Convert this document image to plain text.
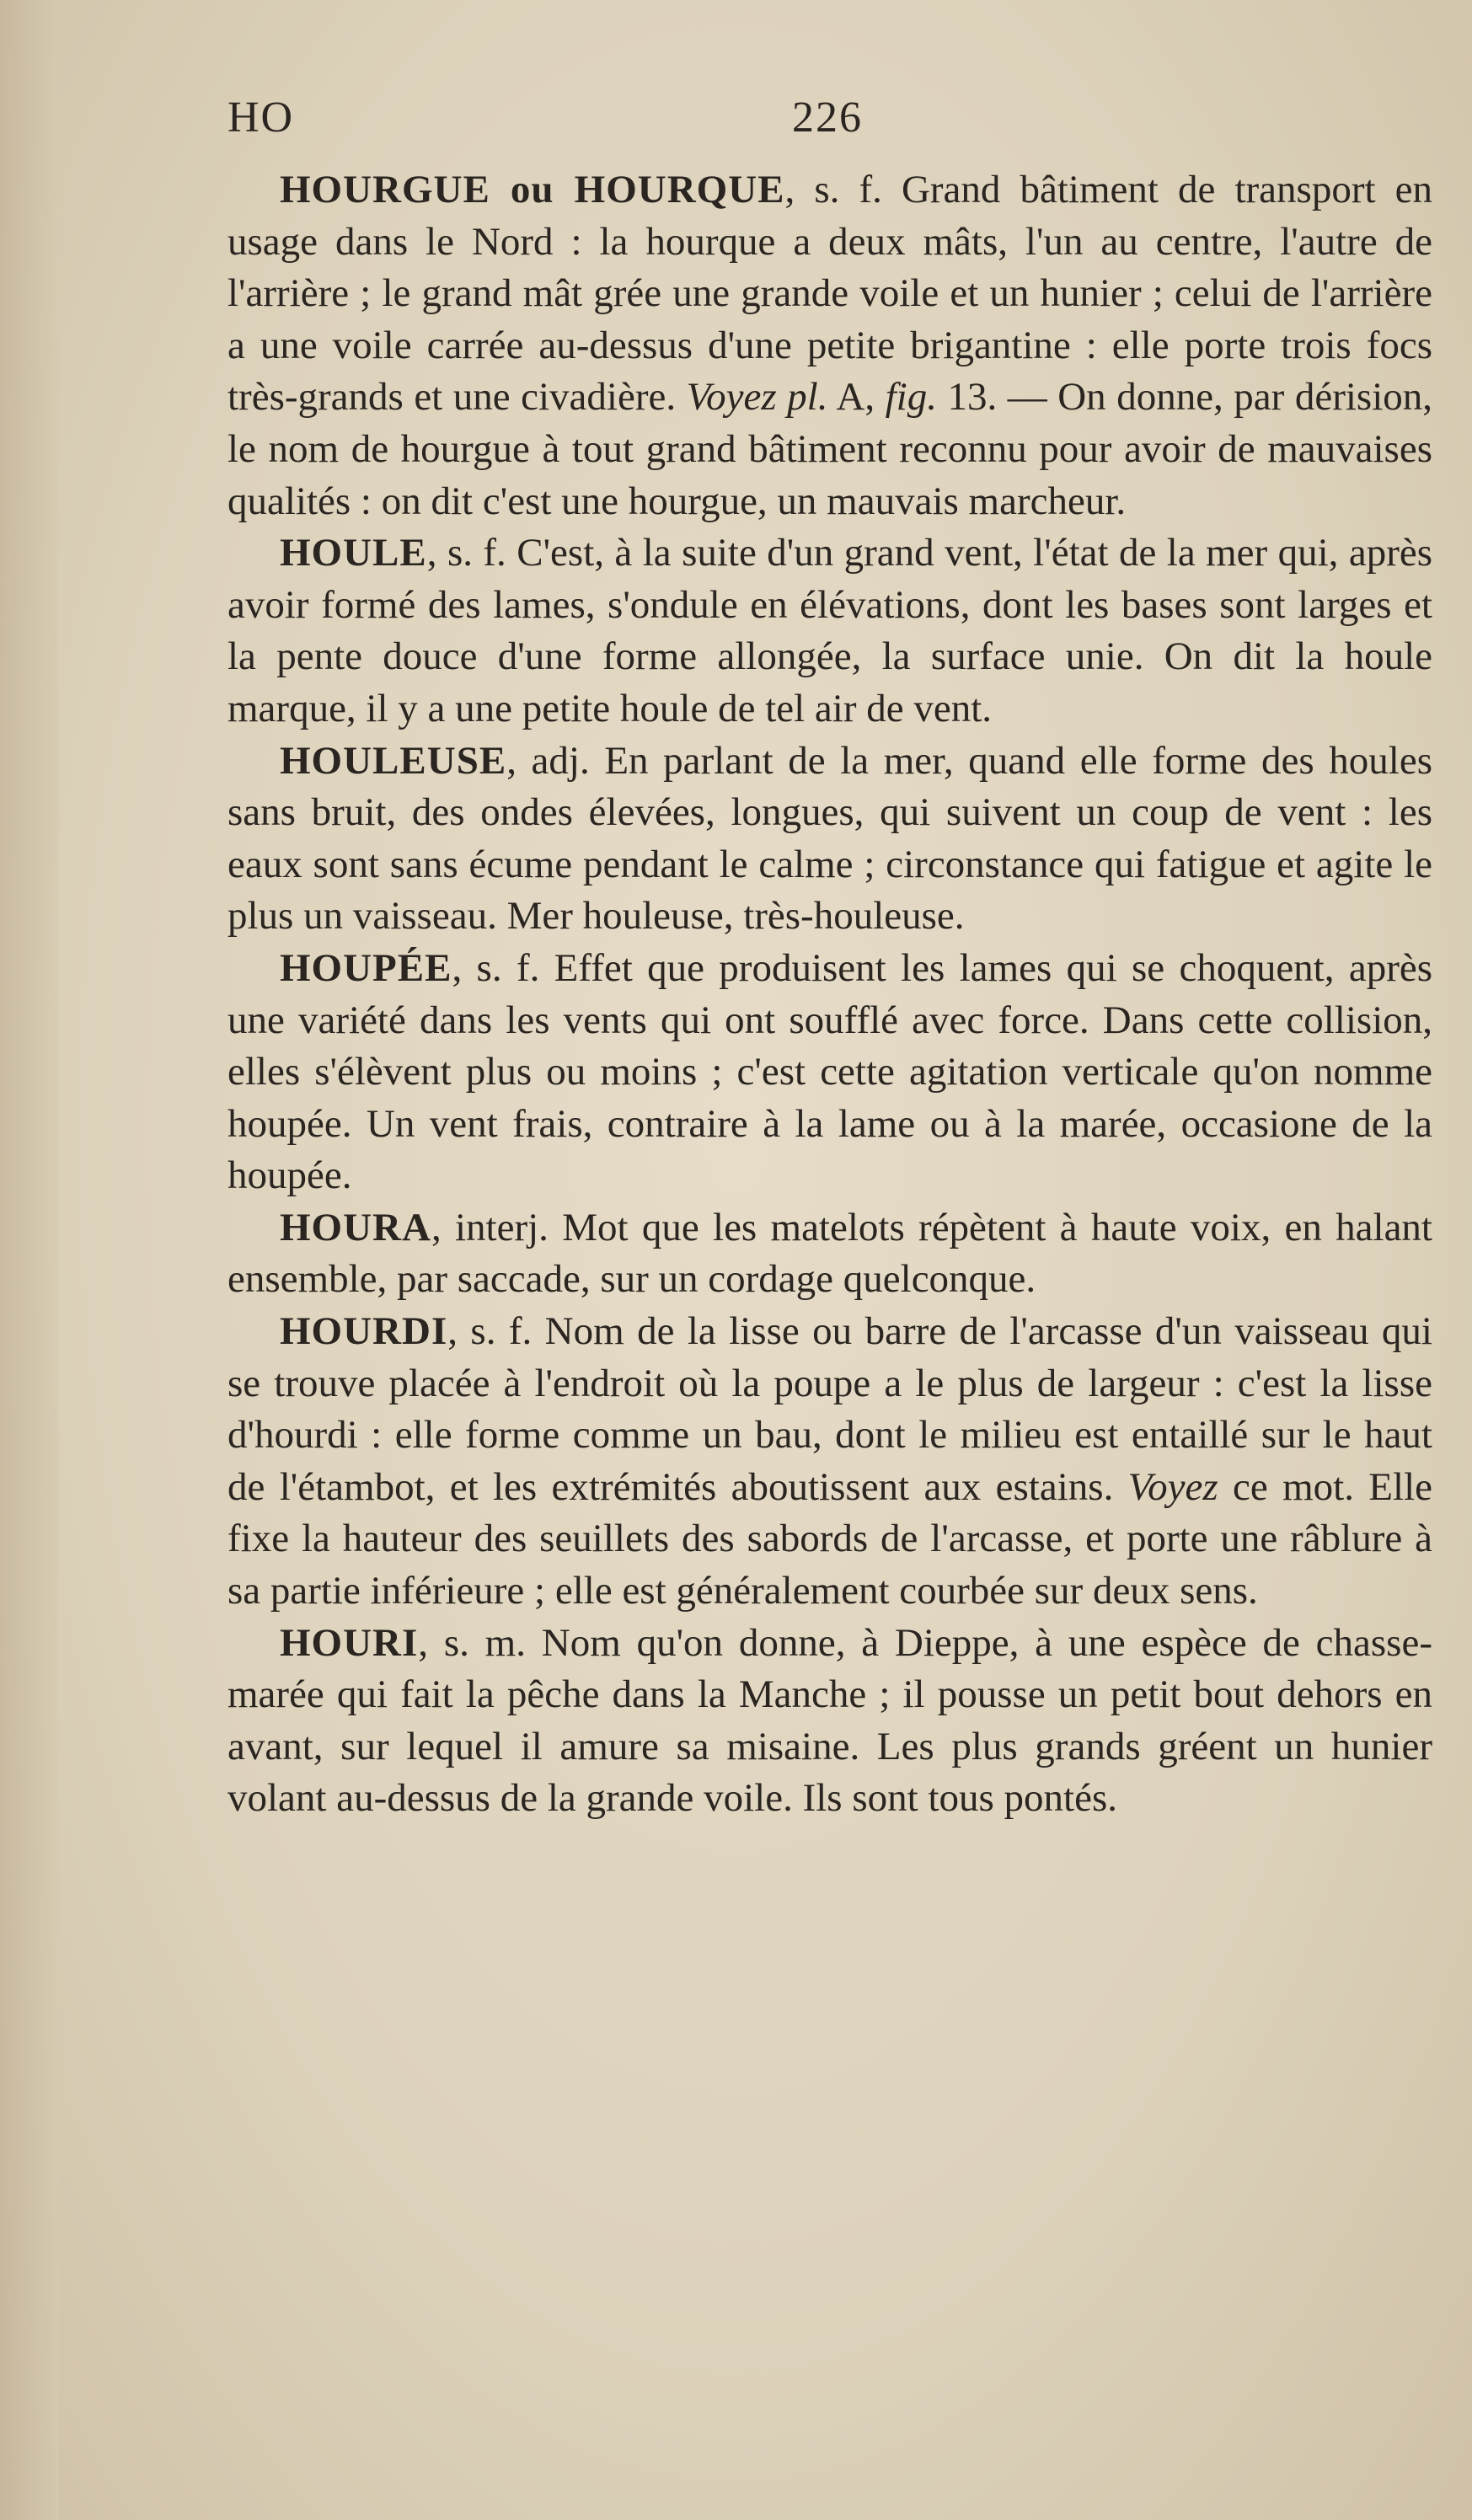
HO	226

HOURGUE ou HOURQUE, s. f. Grand bâtiment de transport en usage dans le Nord : la hourque a deux mâts, l'un au centre, l'autre de l'arrière ; le grand mât grée une grande voile et un hunier ; celui de l'arrière a une voile carrée au-dessus d'une petite brigantine : elle porte trois focs très-grands et une civadière. Voyez pl. A, fig. 13. — On donne, par dérision, le nom de hourgue à tout grand bâtiment reconnu pour avoir de mauvaises qualités : on dit c'est une hourgue, un mauvais marcheur.

HOULE, s. f. C'est, à la suite d'un grand vent, l'état de la mer qui, après avoir formé des lames, s'ondule en élévations, dont les bases sont larges et la pente douce d'une forme allongée, la surface unie. On dit la houle marque, il y a une petite houle de tel air de vent.

HOULEUSE, adj. En parlant de la mer, quand elle forme des houles sans bruit, des ondes élevées, longues, qui suivent un coup de vent : les eaux sont sans écume pendant le calme ; circonstance qui fatigue et agite le plus un vaisseau. Mer houleuse, très-houleuse.

HOUPÉE, s. f. Effet que produisent les lames qui se choquent, après une variété dans les vents qui ont soufflé avec force. Dans cette collision, elles s'élèvent plus ou moins ; c'est cette agitation verticale qu'on nomme houpée. Un vent frais, contraire à la lame ou à la marée, occasione de la houpée.

HOURA, interj. Mot que les matelots répètent à haute voix, en halant ensemble, par saccade, sur un cordage quelconque.

HOURDI, s. f. Nom de la lisse ou barre de l'arcasse d'un vaisseau qui se trouve placée à l'endroit où la poupe a le plus de largeur : c'est la lisse d'hourdi : elle forme comme un bau, dont le milieu est entaillé sur le haut de l'étambot, et les extrémités aboutissent aux estains. Voyez ce mot. Elle fixe la hauteur des seuillets des sabords de l'arcasse, et porte une râblure à sa partie inférieure ; elle est généralement courbée sur deux sens.

HOURI, s. m. Nom qu'on donne, à Dieppe, à une espèce de chasse-marée qui fait la pêche dans la Manche ; il pousse un petit bout dehors en avant, sur lequel il amure sa misaine. Les plus grands gréent un hunier volant au-dessus de la grande voile. Ils sont tous pontés.
